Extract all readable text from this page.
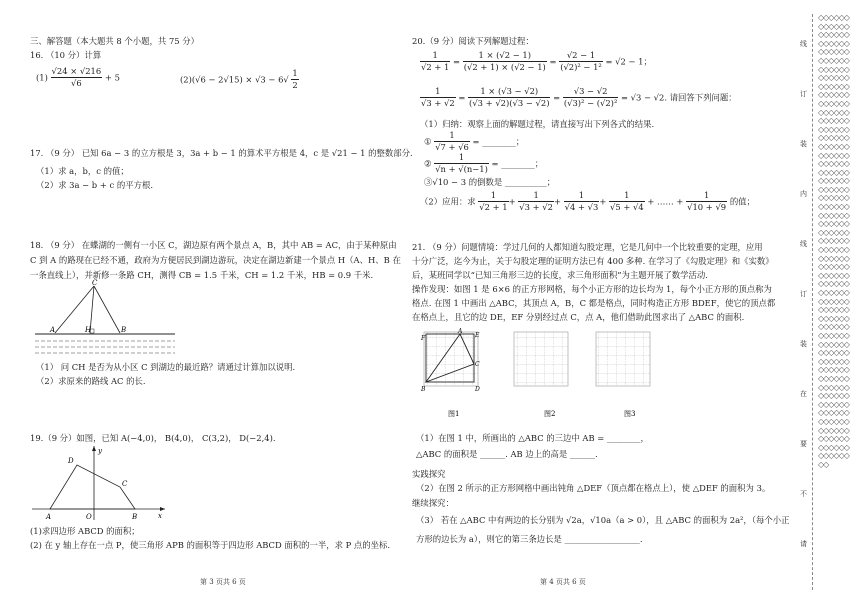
三、解答题（本大题共 8 个小题，共 75 分）
16. （10 分）计算
$(1) \frac{√24 \times √216}{√6} + 5$	$(2)(√6 - 2√15) \times √3 - 6√ \frac{1}{2}$
17. （9 分） 已知 6a − 3 的立方根是 3，3a + b − 1 的算术平方根是 4，c 是 √21 − 1 的整数部分.
（1）求 a，b，c 的值；
（2）求 3a − b + c 的平方根.
18. （9 分） 在蝶湖的一侧有一小区 C，湖边原有两个景点 A，B，其中 AB = AC，由于某种原由
C 到 A 的路现在已经不通，政府为方便居民到湖边游玩，决定在湖边新建一个景点 H（A、H、B 在
一条直线上），并新修一条路 CH，测得 CB = 1.5 千米，CH = 1.2 千米，HB = 0.9 千米.
C
A	H	B
（1） 问 CH 是否为从小区 C 到湖边的最近路？请通过计算加以说明.
（2）求原来的路线 AC 的长.
19.（9 分）如图，已知 A(−4,0)， B(4,0)， C(3,2)， D(−2,4).
y
x
D
C
A	O	B
(1)求四边形 ABCD 的面积；
(2) 在 y 轴上存在一点 P，使三角形 APB 的面积等于四边形 ABCD 面积的一半，求 P 点的坐标.
第 3 页共 6 页
20.（9 分）阅读下列解题过程：
$\frac{1}{√2 + 1} = \frac{1 \times (√2 - 1)}{(√2 + 1) \times (√2 - 1)} = \frac{√2 - 1}{\text{(√2)² − 1²}} = √2 - 1$；
$\frac{1}{√3 + √2} = \frac{1 \times (√3 - √2)}{(√3 + √2)(√3 - √2)} = \frac{√3 - √2}{\text{(√3)² − (√2)²}} = √3 - √2$. 请回答下列问题：
（1）归纳：观察上面的解题过程，请直接写出下列各式的结果.
① $\frac{1}{√7 + √6}$ = ________；
② $\frac{1}{√n + √(n-1)}$ = ________；
③√10 − 3 的倒数是 __________；
（2）应用：求 $\frac{1}{√2 + 1} + \frac{1}{√3 + √2} + \frac{1}{√4 + √3} + \frac{1}{√5 + √4}$ + …… + $\frac{1}{√10 + √9}$ 的值；
21. （9 分）问题情境：学过几何的人都知道勾股定理，它是几何中一个比较重要的定理，应用
十分广泛，迄今为止，关于勾股定理的证明方法已有 400 多种. 在学习了《勾股定理》和《实数》
后，某班同学以“已知三角形三边的长度，求三角形面积”为主题开展了数学活动.
操作发现：如图 1 是 6×6 的正方形网格，每个小正方形的边长均为 1，每个小正方形的顶点称为
格点. 在图 1 中画出 △ABC，其顶点 A，B，C 都是格点，同时构造正方形 BDEF，使它的顶点都
在格点上，且它的边 DE，EF 分别经过点 C，点 A，他们借助此图求出了 △ABC 的面积.
F
A
E
C
B	D
图1	图2	图3
（1）在图 1 中，所画出的 △ABC 的三边中 AB = ________，
△ABC 的面积是 ______. AB 边上的高是 ______.
实践探究
（2）在图 2 所示的正方形网格中画出钝角 △DEF（顶点都在格点上），使 △DEF 的面积为 3。
继续探究：
（3） 若在 △ABC 中有两边的长分别为 √2a，√10a（a > 0），且 △ABC 的面积为 2a²，（每个小正
方形的边长为 a），则它的第三条边长是 __________________.
第 4 页共 6 页
线
订
装
内
线
订
装
在
要
不
请
◇◇◇◇◇◇◇◇◇◇◇◇◇◇◇◇◇◇◇◇◇◇◇◇◇◇◇◇◇◇◇◇◇◇◇◇◇◇◇◇◇◇◇◇◇◇◇◇◇◇◇◇◇◇◇◇◇◇◇◇◇◇◇◇◇◇◇◇◇◇◇◇◇◇◇◇◇◇◇◇◇◇◇◇◇◇◇◇◇◇◇◇◇◇◇◇◇◇◇◇◇◇◇◇◇◇◇◇◇◇◇◇◇◇◇◇◇◇◇◇◇◇◇◇◇◇◇◇◇◇◇◇◇◇◇◇◇◇◇◇◇◇◇◇◇◇◇◇◇◇◇◇◇◇◇◇◇◇◇◇◇◇◇◇◇◇◇◇◇◇◇◇◇◇◇◇◇◇◇◇◇◇◇◇◇◇◇◇◇◇◇◇◇◇◇◇◇◇◇◇◇◇◇◇◇◇◇◇◇◇◇◇◇◇◇◇◇◇◇◇◇◇◇◇◇◇◇◇◇◇◇◇◇◇◇◇◇◇◇◇◇◇◇◇◇◇◇◇◇◇◇◇◇◇◇◇◇◇◇◇◇◇◇◇◇◇◇◇◇◇◇◇◇◇◇◇◇◇◇◇◇◇◇◇◇◇◇◇◇◇◇◇◇◇◇◇◇◇◇◇◇◇◇◇◇◇◇◇◇◇◇◇◇◇
